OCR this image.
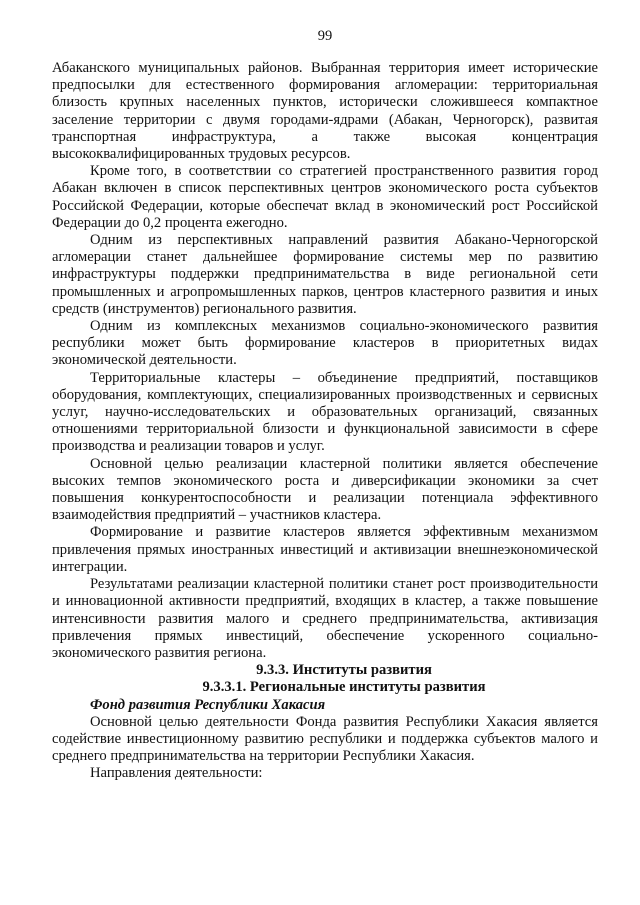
99

Абаканского муниципальных районов. Выбранная территория имеет исторические предпосылки для естественного формирования агломерации: территориальная близость крупных населенных пунктов, исторически сложившееся компактное заселение территории с двумя городами-ядрами (Абакан, Черногорск), развитая транспортная инфраструктура, а также высокая концентрация высококвалифицированных трудовых ресурсов.

Кроме того, в соответствии со стратегией пространственного развития город Абакан включен в список перспективных центров экономического роста субъектов Российской Федерации, которые обеспечат вклад в экономический рост Российской Федерации до 0,2 процента ежегодно.

Одним из перспективных направлений развития Абакано-Черногорской агломерации станет дальнейшее формирование системы мер по развитию инфраструктуры поддержки предпринимательства в виде региональной сети промышленных и агропромышленных парков, центров кластерного развития и иных средств (инструментов) регионального развития.

Одним из комплексных механизмов социально-экономического развития республики может быть формирование кластеров в приоритетных видах экономической деятельности.

Территориальные кластеры – объединение предприятий, поставщиков оборудования, комплектующих, специализированных производственных и сервисных услуг, научно-исследовательских и образовательных организаций, связанных отношениями территориальной близости и функциональной зависимости в сфере производства и реализации товаров и услуг.

Основной целью реализации кластерной политики является обеспечение высоких темпов экономического роста и диверсификации экономики за счет повышения конкурентоспособности и реализации потенциала эффективного взаимодействия предприятий – участников кластера.

Формирование и развитие кластеров является эффективным механизмом привлечения прямых иностранных инвестиций и активизации внешнеэкономической интеграции.

Результатами реализации кластерной политики станет рост производительности и инновационной активности предприятий, входящих в кластер, а также повышение интенсивности развития малого и среднего предпринимательства, активизация привлечения прямых инвестиций, обеспечение ускоренного социально-экономического развития региона.

9.3.3. Институты развития

9.3.3.1. Региональные институты развития

Фонд развития Республики Хакасия

Основной целью деятельности Фонда развития Республики Хакасия является содействие инвестиционному развитию республики и поддержка субъектов малого и среднего предпринимательства на территории Республики Хакасия.

Направления деятельности:
